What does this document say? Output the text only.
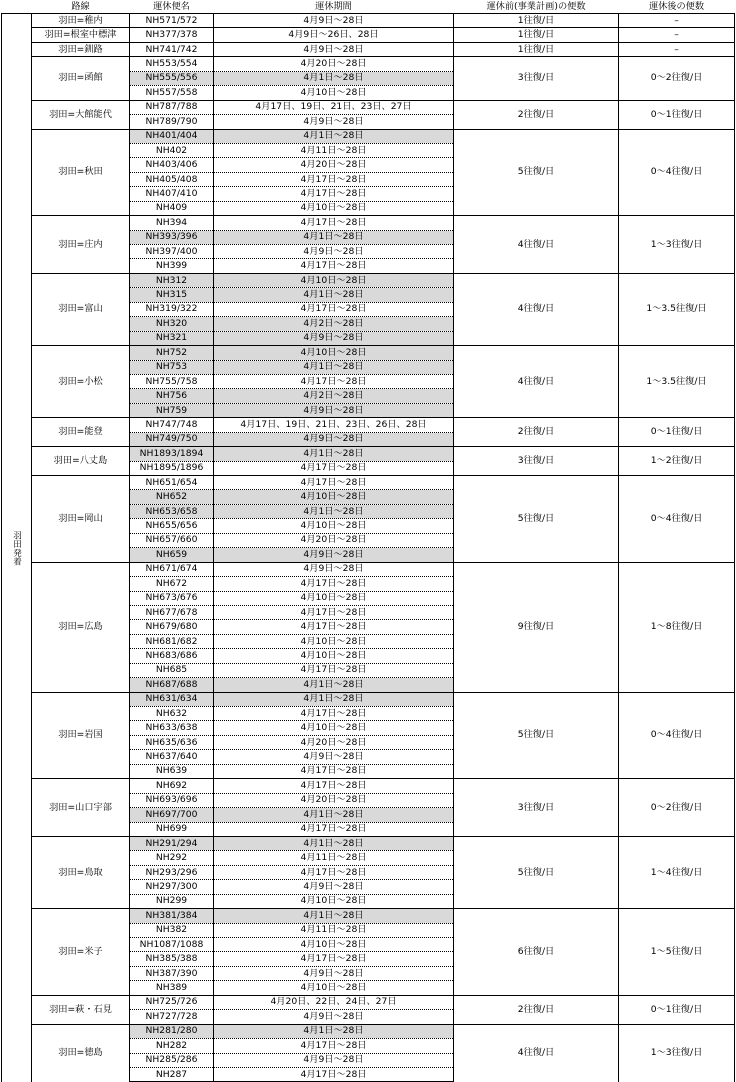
	路線	運休便名	運休期間	運休前(事業計画)の便数	運休後の便数

羽田発着	羽田=稚内	NH571/572	4月9日～28日	1往復/日	–
	羽田=根室中標津	NH377/378	4月9日～26日、28日	1往復/日	–
	羽田=釧路	NH741/742	4月9日～28日	1往復/日	–
	羽田=函館	NH553/554	4月20日～28日	3往復/日	0～2往復/日
		NH555/556	4月1日～28日		
		NH557/558	4月10日～28日		
	羽田=大館能代	NH787/788	4月17日、19日、21日、23日、27日	2往復/日	0～1往復/日
		NH789/790	4月9日～28日		
	羽田=秋田	NH401/404	4月1日～28日	5往復/日	0～4往復/日
		NH402	4月11日～28日		
		NH403/406	4月20日～28日		
		NH405/408	4月17日～28日		
		NH407/410	4月17日～28日		
		NH409	4月10日～28日		
	羽田=庄内	NH394	4月17日～28日	4往復/日	1～3往復/日
		NH393/396	4月1日～28日		
		NH397/400	4月9日～28日		
		NH399	4月17日～28日		
	羽田=富山	NH312	4月10日～28日	4往復/日	1～3.5往復/日
		NH315	4月1日～28日		
		NH319/322	4月17日～28日		
		NH320	4月2日～28日		
		NH321	4月9日～28日		
	羽田=小松	NH752	4月10日～28日	4往復/日	1～3.5往復/日
		NH753	4月1日～28日		
		NH755/758	4月17日～28日		
		NH756	4月2日～28日		
		NH759	4月9日～28日		
	羽田=能登	NH747/748	4月17日、19日、21日、23日、26日、28日	2往復/日	0～1往復/日
		NH749/750	4月9日～28日		
	羽田=八丈島	NH1893/1894	4月1日～28日	3往復/日	1～2往復/日
		NH1895/1896	4月17日～28日		
	羽田=岡山	NH651/654	4月17日～28日	5往復/日	0～4往復/日
		NH652	4月10日～28日		
		NH653/658	4月1日～28日		
		NH655/656	4月10日～28日		
		NH657/660	4月20日～28日		
		NH659	4月9日～28日		
	羽田=広島	NH671/674	4月9日～28日	9往復/日	1～8往復/日
		NH672	4月17日～28日		
		NH673/676	4月10日～28日		
		NH677/678	4月17日～28日		
		NH679/680	4月17日～28日		
		NH681/682	4月10日～28日		
		NH683/686	4月10日～28日		
		NH685	4月17日～28日		
		NH687/688	4月1日～28日		
	羽田=岩国	NH631/634	4月1日～28日	5往復/日	0～4往復/日
		NH632	4月17日～28日		
		NH633/638	4月10日～28日		
		NH635/636	4月20日～28日		
		NH637/640	4月9日～28日		
		NH639	4月17日～28日		
	羽田=山口宇部	NH692	4月17日～28日	3往復/日	0～2往復/日
		NH693/696	4月20日～28日		
		NH697/700	4月1日～28日		
		NH699	4月17日～28日		
	羽田=鳥取	NH291/294	4月1日～28日	5往復/日	1～4往復/日
		NH292	4月11日～28日		
		NH293/296	4月17日～28日		
		NH297/300	4月9日～28日		
		NH299	4月10日～28日		
	羽田=米子	NH381/384	4月1日～28日	6往復/日	1～5往復/日
		NH382	4月11日～28日		
		NH1087/1088	4月10日～28日		
		NH385/388	4月17日～28日		
		NH387/390	4月9日～28日		
		NH389	4月10日～28日		
	羽田=萩・石見	NH725/726	4月20日、22日、24日、27日	2往復/日	0～1往復/日
		NH727/728	4月9日～28日		
	羽田=徳島	NH281/280	4月1日～28日	4往復/日	1～3往復/日
		NH282	4月17日～28日		
		NH285/286	4月9日～28日		
		NH287	4月17日～28日		
